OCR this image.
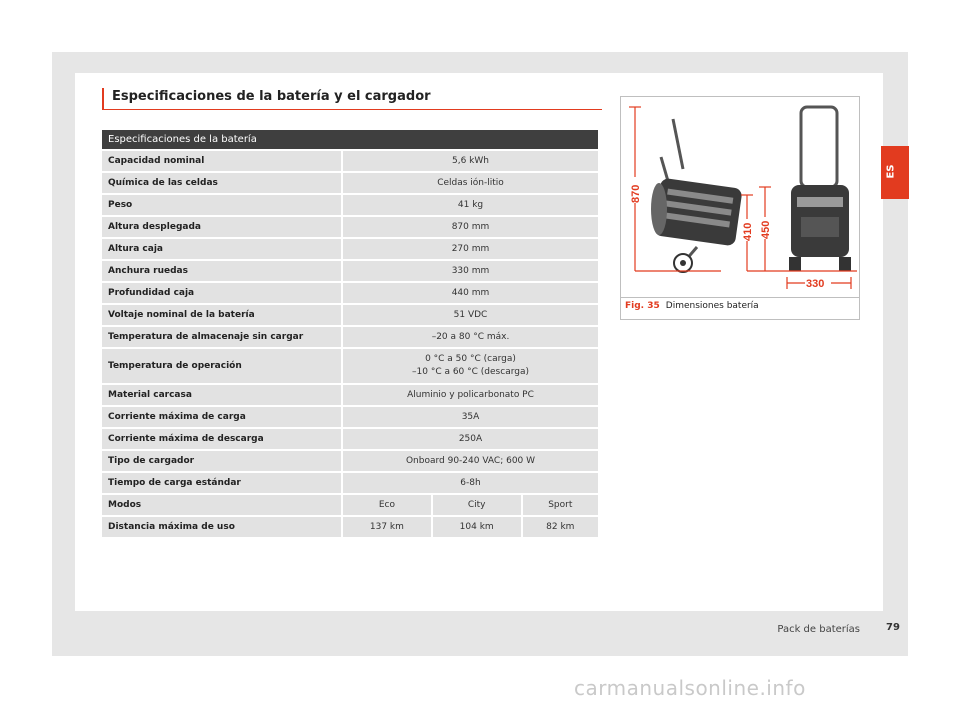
Especificaciones de la batería y el cargador
Especificaciones de la batería			
Capacidad nominal	5,6 kWh		
Química de las celdas	Celdas ión-litio		
Peso	41 kg		
Altura desplegada	870 mm		
Altura caja	270 mm		
Anchura ruedas	330 mm		
Profundidad caja	440 mm		
Voltaje nominal de la batería	51 VDC		
Temperatura de almacenaje sin cargar	–20 a 80 °C máx.		
Temperatura de operación	0 °C a 50 °C (carga)
–10 °C a 60 °C (descarga)		

Material carcasa	Aluminio y policarbonato PC		
Corriente máxima de carga	35A		
Corriente máxima de descarga	250A		
Tipo de cargador	Onboard 90-240 VAC; 600 W		
Tiempo de carga estándar	6-8h		
Modos	Eco	City	Sport
Distancia máxima de uso	137 km	104 km	82 km
870
410 450
330
Fig. 35 Dimensiones batería
ES
Pack de baterías	79
carmanualsonline.info
